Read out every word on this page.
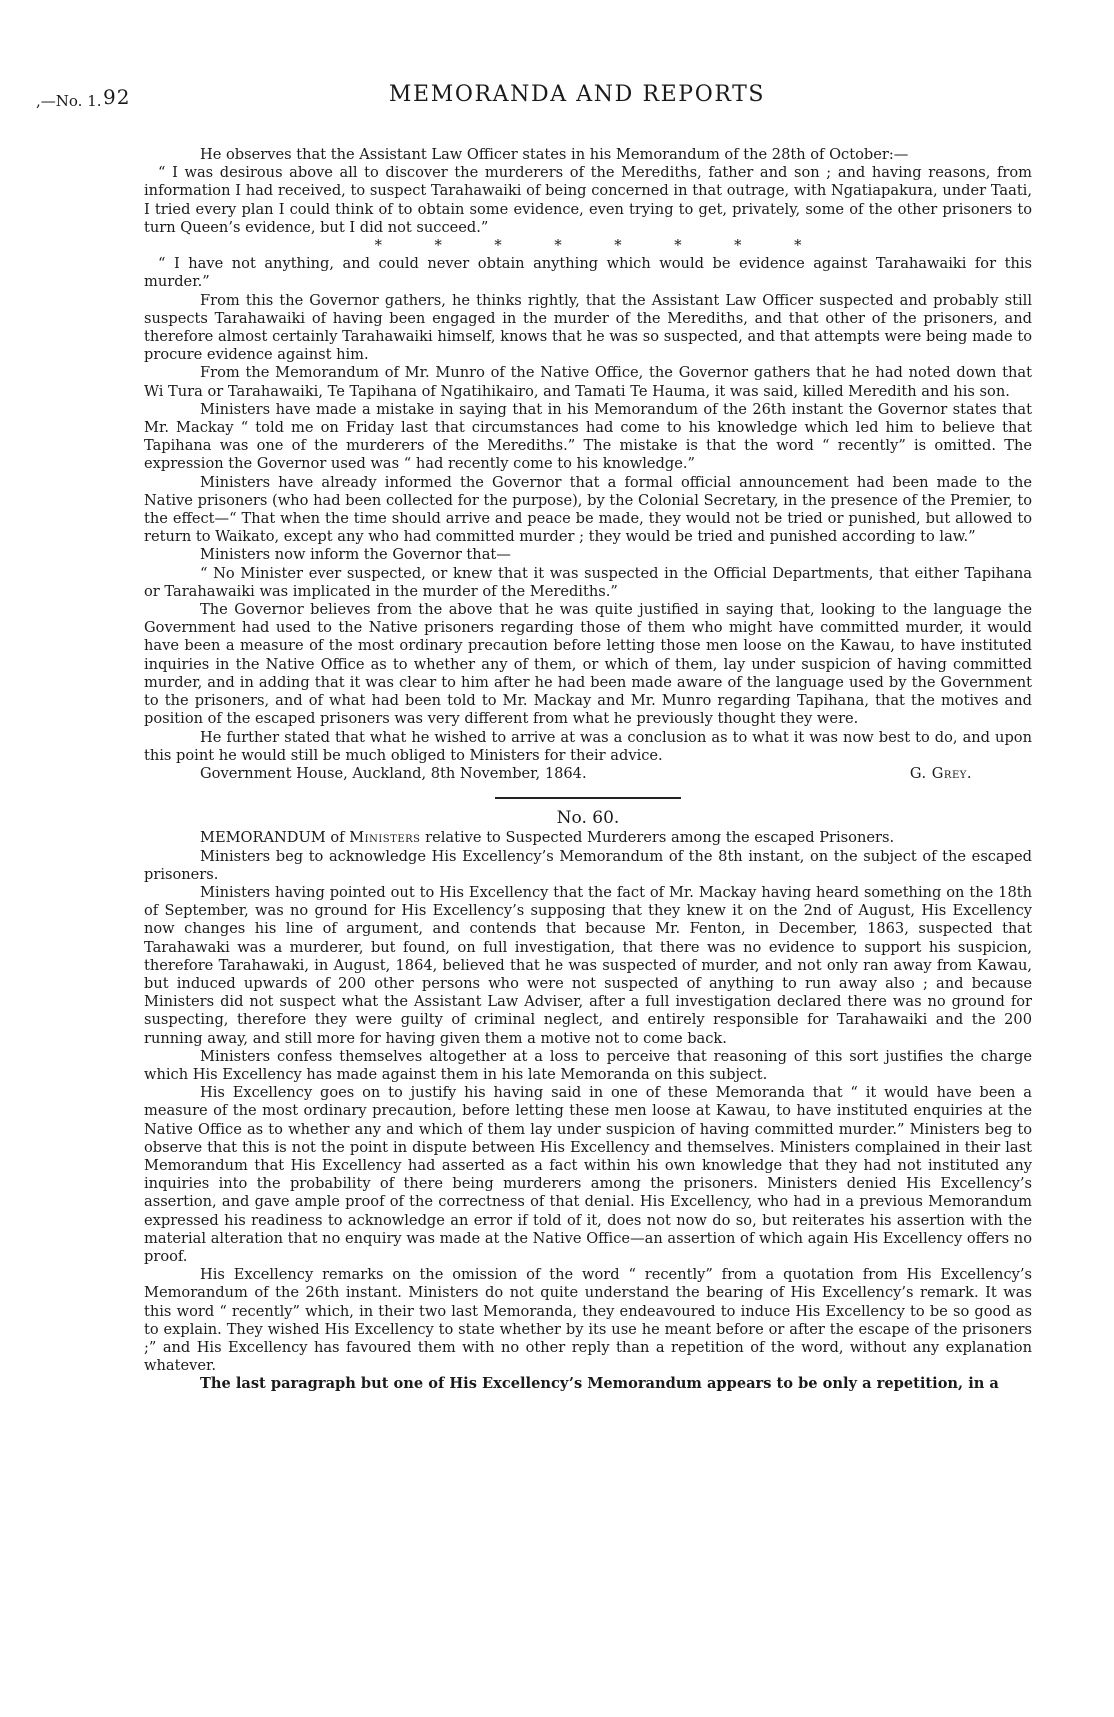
,—No. 1. 92	MEMORANDA AND REPORTS

He observes that the Assistant Law Officer states in his Memorandum of the 28th of October:—

“ I was desirous above all to discover the murderers of the Merediths, father and son ; and having reasons, from information I had received, to suspect Tarahawaiki of being concerned in that outrage, with Ngatiapakura, under Taati, I tried every plan I could think of to obtain some evidence, even trying to get, privately, some of the other prisoners to turn Queen’s evidence, but I did not succeed.”

* * * * * * * *

“ I have not anything, and could never obtain anything which would be evidence against Tarahawaiki for this murder.”

From this the Governor gathers, he thinks rightly, that the Assistant Law Officer suspected and probably still suspects Tarahawaiki of having been engaged in the murder of the Merediths, and that other of the prisoners, and therefore almost certainly Tarahawaiki himself, knows that he was so suspected, and that attempts were being made to procure evidence against him.

From the Memorandum of Mr. Munro of the Native Office, the Governor gathers that he had noted down that Wi Tura or Tarahawaiki, Te Tapihana of Ngatihikairo, and Tamati Te Hauma, it was said, killed Meredith and his son.

Ministers have made a mistake in saying that in his Memorandum of the 26th instant the Governor states that Mr. Mackay “ told me on Friday last that circumstances had come to his knowledge which led him to believe that Tapihana was one of the murderers of the Merediths.” The mistake is that the word “ recently” is omitted. The expression the Governor used was “ had recently come to his knowledge.”

Ministers have already informed the Governor that a formal official announcement had been made to the Native prisoners (who had been collected for the purpose), by the Colonial Secretary, in the presence of the Premier, to the effect—“ That when the time should arrive and peace be made, they would not be tried or punished, but allowed to return to Waikato, except any who had committed murder ; they would be tried and punished according to law.”

Ministers now inform the Governor that—

“ No Minister ever suspected, or knew that it was suspected in the Official Departments, that either Tapihana or Tarahawaiki was implicated in the murder of the Merediths.”

The Governor believes from the above that he was quite justified in saying that, looking to the language the Government had used to the Native prisoners regarding those of them who might have committed murder, it would have been a measure of the most ordinary precaution before letting those men loose on the Kawau, to have instituted inquiries in the Native Office as to whether any of them, or which of them, lay under suspicion of having committed murder, and in adding that it was clear to him after he had been made aware of the language used by the Government to the prisoners, and of what had been told to Mr. Mackay and Mr. Munro regarding Tapihana, that the motives and position of the escaped prisoners was very different from what he previously thought they were.

He further stated that what he wished to arrive at was a conclusion as to what it was now best to do, and upon this point he would still be much obliged to Ministers for their advice.

Government House, Auckland, 8th November, 1864.	G. Grey.
No. 60.

MEMORANDUM of Ministers relative to Suspected Murderers among the escaped Prisoners.

Ministers beg to acknowledge His Excellency’s Memorandum of the 8th instant, on the subject of the escaped prisoners.

Ministers having pointed out to His Excellency that the fact of Mr. Mackay having heard something on the 18th of September, was no ground for His Excellency’s supposing that they knew it on the 2nd of August, His Excellency now changes his line of argument, and contends that because Mr. Fenton, in December, 1863, suspected that Tarahawaki was a murderer, but found, on full investigation, that there was no evidence to support his suspicion, therefore Tarahawaki, in August, 1864, believed that he was suspected of murder, and not only ran away from Kawau, but induced upwards of 200 other persons who were not suspected of anything to run away also ; and because Ministers did not suspect what the Assistant Law Adviser, after a full investigation declared there was no ground for suspecting, therefore they were guilty of criminal neglect, and entirely responsible for Tarahawaiki and the 200 running away, and still more for having given them a motive not to come back.

Ministers confess themselves altogether at a loss to perceive that reasoning of this sort justifies the charge which His Excellency has made against them in his late Memoranda on this subject.

His Excellency goes on to justify his having said in one of these Memoranda that “ it would have been a measure of the most ordinary precaution, before letting these men loose at Kawau, to have instituted enquiries at the Native Office as to whether any and which of them lay under suspicion of having committed murder.” Ministers beg to observe that this is not the point in dispute between His Excellency and themselves. Ministers complained in their last Memorandum that His Excellency had asserted as a fact within his own knowledge that they had not instituted any inquiries into the probability of there being murderers among the prisoners. Ministers denied His Excellency’s assertion, and gave ample proof of the correctness of that denial. His Excellency, who had in a previous Memorandum expressed his readiness to acknowledge an error if told of it, does not now do so, but reiterates his assertion with the material alteration that no enquiry was made at the Native Office—an assertion of which again His Excellency offers no proof.

His Excellency remarks on the omission of the word “ recently” from a quotation from His Excellency’s Memorandum of the 26th instant. Ministers do not quite understand the bearing of His Excellency’s remark. It was this word “ recently” which, in their two last Memoranda, they endeavoured to induce His Excellency to be so good as to explain. They wished His Excellency to state whether by its use he meant before or after the escape of the prisoners ;” and His Excellency has favoured them with no other reply than a repetition of the word, without any explanation whatever.

The last paragraph but one of His Excellency’s Memorandum appears to be only a repetition, in a
